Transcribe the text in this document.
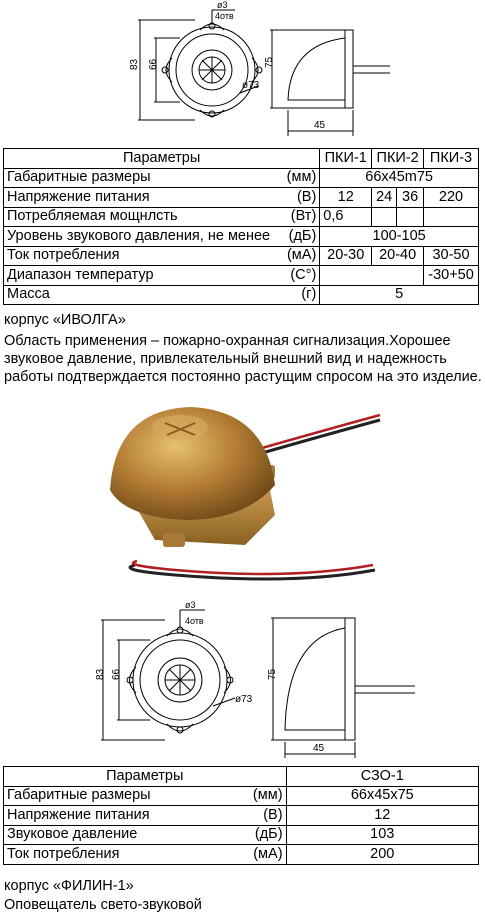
ø3
4отв
83 66
ø73
75
45
Параметры	ПКИ-1	ПКИ-2		ПКИ-3

Габаритные размеры (мм)	66х45m75			

Напряжение питания (В)	12	24	36	220

Потребляемая мощнлсть (Вт)	0,6			

Уровень звукового давления, не менее (дБ)	100-105			

Ток потребления (мА)	20-30	20-40		30-50

Диапазон температур (С°)				-30+50

Масса (г)	5			
корпус «ИВОЛГА»
Область применения – пожарно-охранная сигнализация.Хорошее
звуковое давление, привлекательный внешний вид и надежность
работы подтверждается постоянно растущим спросом на это изделие.
ø3
4отв
83 66
ø73
75
45
Параметры	СЗО-1

Габаритные размеры (мм)	66х45х75

Напряжение питания (В)	12

Звуковое давление (дБ)	103

Ток потребления (мА)	200
корпус «ФИЛИН-1»
Оповещатель свето-звуковой
